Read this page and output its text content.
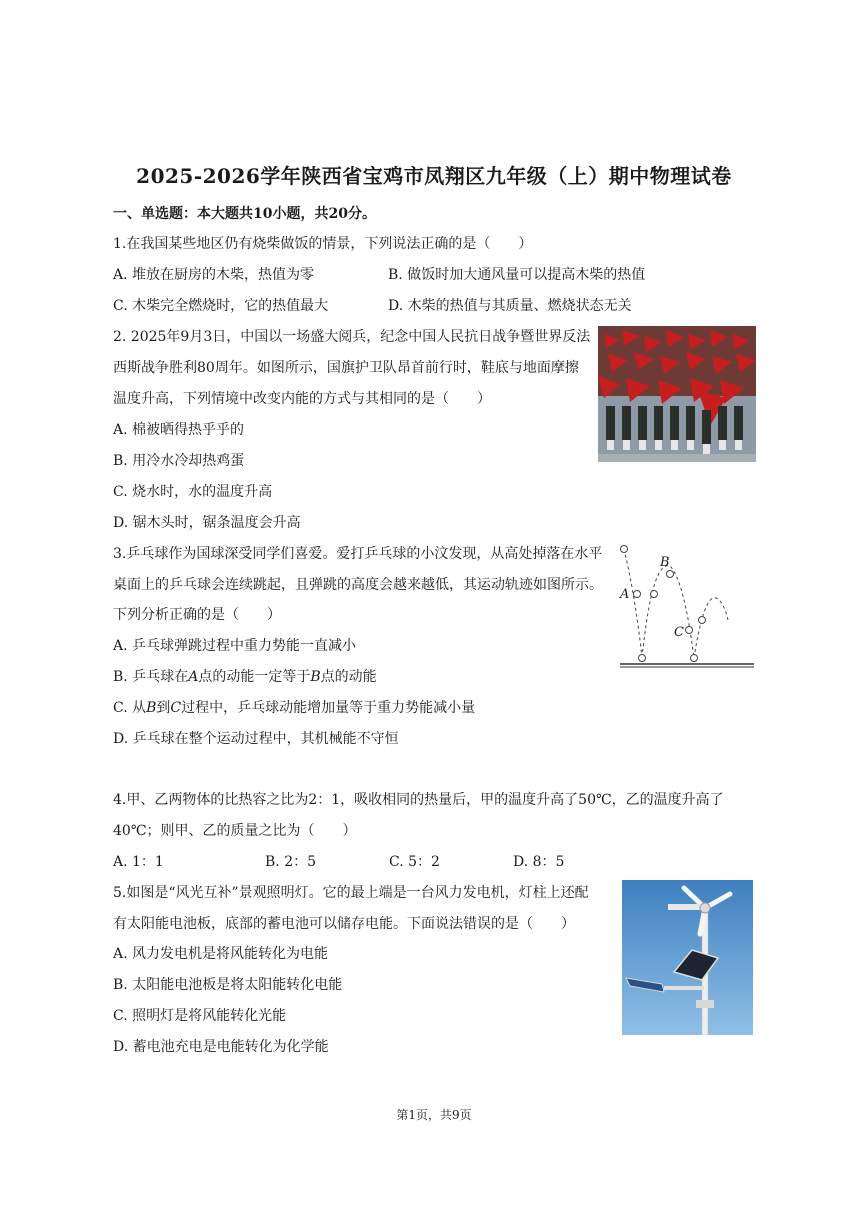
2025-2026学年陕西省宝鸡市凤翔区九年级（上）期中物理试卷
一、单选题：本大题共10小题，共20分。
1.在我国某些地区仍有烧柴做饭的情景，下列说法正确的是（　　）
A. 堆放在厨房的木柴，热值为零	B. 做饭时加大通风量可以提高木柴的热值
C. 木柴完全燃烧时，它的热值最大	D. 木柴的热值与其质量、燃烧状态无关
2. 2025年9月3日，中国以一场盛大阅兵，纪念中国人民抗日战争暨世界反法
西斯战争胜利80周年。如图所示，国旗护卫队昂首前行时，鞋底与地面摩擦
温度升高，下列情境中改变内能的方式与其相同的是（　　）
A. 棉被晒得热乎乎的
B. 用冷水冷却热鸡蛋
C. 烧水时，水的温度升高
D. 锯木头时，锯条温度会升高
3.乒乓球作为国球深受同学们喜爱。爱打乒乓球的小汶发现，从高处掉落在水平
桌面上的乒乓球会连续跳起，且弹跳的高度会越来越低，其运动轨迹如图所示。
下列分析正确的是（　　）
A. 乒乓球弹跳过程中重力势能一直减小
B. 乒乓球在A点的动能一定等于B点的动能
C. 从B到C过程中，乒乓球动能增加量等于重力势能减小量
D. 乒乓球在整个运动过程中，其机械能不守恒
A
B
C
4.甲、乙两物体的比热容之比为2：1，吸收相同的热量后，甲的温度升高了50℃，乙的温度升高了
40℃；则甲、乙的质量之比为（　　）
A. 1：1	B. 2：5	C. 5：2	D. 8：5
5.如图是“风光互补”景观照明灯。它的最上端是一台风力发电机，灯柱上还配
有太阳能电池板，底部的蓄电池可以储存电能。下面说法错误的是（　　）
A. 风力发电机是将风能转化为电能
B. 太阳能电池板是将太阳能转化电能
C. 照明灯是将风能转化光能
D. 蓄电池充电是电能转化为化学能
第1页，共9页
